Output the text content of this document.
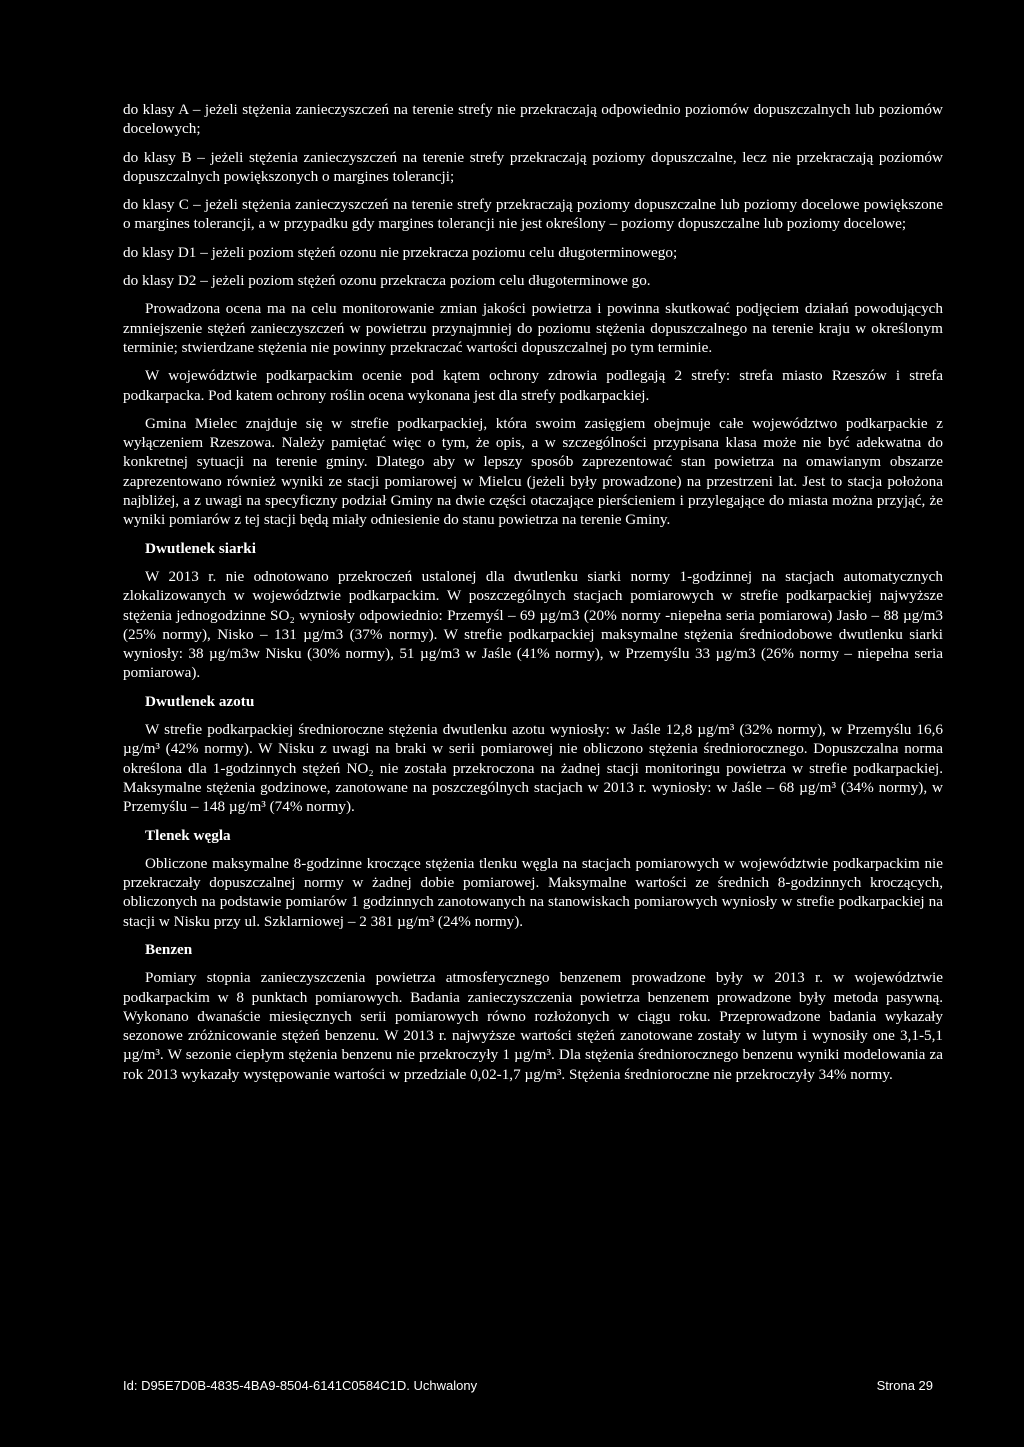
do klasy A – jeżeli stężenia zanieczyszczeń na terenie strefy nie przekraczają odpowiednio poziomów dopuszczalnych lub poziomów docelowych;

do klasy B – jeżeli stężenia zanieczyszczeń na terenie strefy przekraczają poziomy dopuszczalne, lecz nie przekraczają poziomów dopuszczalnych powiększonych o margines tolerancji;

do klasy C – jeżeli stężenia zanieczyszczeń na terenie strefy przekraczają poziomy dopuszczalne lub poziomy docelowe powiększone o margines tolerancji, a w przypadku gdy margines tolerancji nie jest określony – poziomy dopuszczalne lub poziomy docelowe;

do klasy D1 – jeżeli poziom stężeń ozonu nie przekracza poziomu celu długoterminowego;

do klasy D2 – jeżeli poziom stężeń ozonu przekracza poziom celu długoterminowe go.

Prowadzona ocena ma na celu monitorowanie zmian jakości powietrza i powinna skutkować podjęciem działań powodujących zmniejszenie stężeń zanieczyszczeń w powietrzu przynajmniej do poziomu stężenia dopuszczalnego na terenie kraju w określonym terminie; stwierdzane stężenia nie powinny przekraczać wartości dopuszczalnej po tym terminie.

W województwie podkarpackim ocenie pod kątem ochrony zdrowia podlegają 2 strefy: strefa miasto Rzeszów i strefa podkarpacka. Pod katem ochrony roślin ocena wykonana jest dla strefy podkarpackiej.

Gmina Mielec znajduje się w strefie podkarpackiej, która swoim zasięgiem obejmuje całe województwo podkarpackie z wyłączeniem Rzeszowa. Należy pamiętać więc o tym, że opis, a w szczególności przypisana klasa może nie być adekwatna do konkretnej sytuacji na terenie gminy. Dlatego aby w lepszy sposób zaprezentować stan powietrza na omawianym obszarze zaprezentowano również wyniki ze stacji pomiarowej w Mielcu (jeżeli były prowadzone) na przestrzeni lat. Jest to stacja położona najbliżej, a z uwagi na specyficzny podział Gminy na dwie części otaczające pierścieniem i przylegające do miasta można przyjąć, że wyniki pomiarów z tej stacji będą miały odniesienie do stanu powietrza na terenie Gminy.

Dwutlenek siarki

W 2013 r. nie odnotowano przekroczeń ustalonej dla dwutlenku siarki normy 1-godzinnej na stacjach automatycznych zlokalizowanych w województwie podkarpackim. W poszczególnych stacjach pomiarowych w strefie podkarpackiej najwyższe stężenia jednogodzinne SO₂ wyniosły odpowiednio: Przemyśl – 69 µg/m3 (20% normy -niepełna seria pomiarowa) Jasło – 88 µg/m3 (25% normy), Nisko – 131 µg/m3 (37% normy). W strefie podkarpackiej maksymalne stężenia średniodobowe dwutlenku siarki wyniosły: 38 µg/m3w Nisku (30% normy), 51 µg/m3 w Jaśle (41% normy), w Przemyślu 33 µg/m3 (26% normy – niepełna seria pomiarowa).

Dwutlenek azotu

W strefie podkarpackiej średnioroczne stężenia dwutlenku azotu wyniosły: w Jaśle 12,8 µg/m³ (32% normy), w Przemyślu 16,6 µg/m³ (42% normy). W Nisku z uwagi na braki w serii pomiarowej nie obliczono stężenia średniorocznego. Dopuszczalna norma określona dla 1-godzinnych stężeń NO₂ nie została przekroczona na żadnej stacji monitoringu powietrza w strefie podkarpackiej. Maksymalne stężenia godzinowe, zanotowane na poszczególnych stacjach w 2013 r. wyniosły: w Jaśle – 68 µg/m³ (34% normy), w Przemyślu – 148 µg/m³ (74% normy).

Tlenek węgla

Obliczone maksymalne 8-godzinne kroczące stężenia tlenku węgla na stacjach pomiarowych w województwie podkarpackim nie przekraczały dopuszczalnej normy w żadnej dobie pomiarowej. Maksymalne wartości ze średnich 8-godzinnych kroczących, obliczonych na podstawie pomiarów 1 godzinnych zanotowanych na stanowiskach pomiarowych wyniosły w strefie podkarpackiej na stacji w Nisku przy ul. Szklarniowej – 2 381 µg/m³ (24% normy).

Benzen

Pomiary stopnia zanieczyszczenia powietrza atmosferycznego benzenem prowadzone były w 2013 r. w województwie podkarpackim w 8 punktach pomiarowych. Badania zanieczyszczenia powietrza benzenem prowadzone były metoda pasywną. Wykonano dwanaście miesięcznych serii pomiarowych równo rozłożonych w ciągu roku. Przeprowadzone badania wykazały sezonowe zróżnicowanie stężeń benzenu. W 2013 r. najwyższe wartości stężeń zanotowane zostały w lutym i wynosiły one 3,1-5,1 µg/m³. W sezonie ciepłym stężenia benzenu nie przekroczyły 1 µg/m³. Dla stężenia średniorocznego benzenu wyniki modelowania za rok 2013 wykazały występowanie wartości w przedziale 0,02-1,7 µg/m³. Stężenia średnioroczne nie przekroczyły 34% normy.

Id: D95E7D0B-4835-4BA9-8504-6141C0584C1D. Uchwalony	Strona 29
